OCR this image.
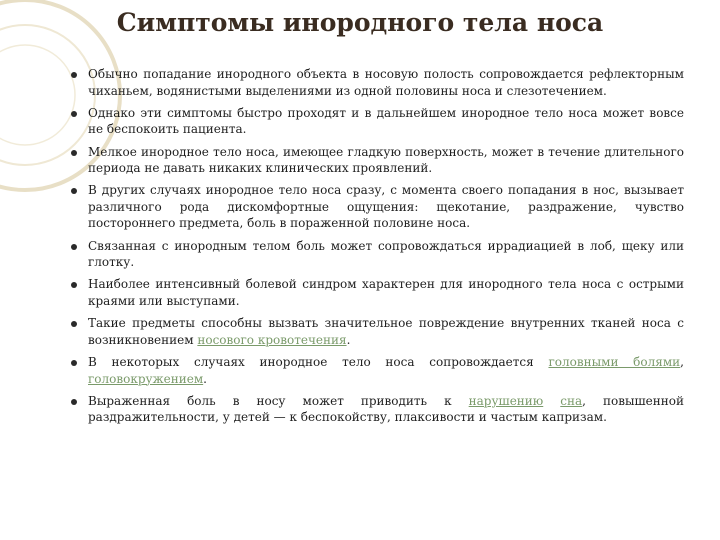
Симптомы инородного тела носа
Обычно попадание инородного объекта в носовую полость сопровождается рефлекторным чиханьем, водянистыми выделениями из одной половины носа и слезотечением.
Однако эти симптомы быстро проходят и в дальнейшем инородное тело носа может вовсе не беспокоить пациента.
Мелкое инородное тело носа, имеющее гладкую поверхность, может в течение длительного периода не давать никаких клинических проявлений.
В других случаях инородное тело носа сразу, с момента своего попадания в нос, вызывает различного рода дискомфортные ощущения: щекотание, раздражение, чувство постороннего предмета, боль в пораженной половине носа.
Связанная с инородным телом боль может сопровождаться иррадиацией в лоб, щеку или глотку.
Наиболее интенсивный болевой синдром характерен для инородного тела носа с острыми краями или выступами.
Такие предметы способны вызвать значительное повреждение внутренних тканей носа с возникновением носового кровотечения.
В некоторых случаях инородное тело носа сопровождается головными болями, головокружением.
Выраженная боль в носу может приводить к нарушению сна, повышенной раздражительности, у детей — к беспокойству, плаксивости и частым капризам.
